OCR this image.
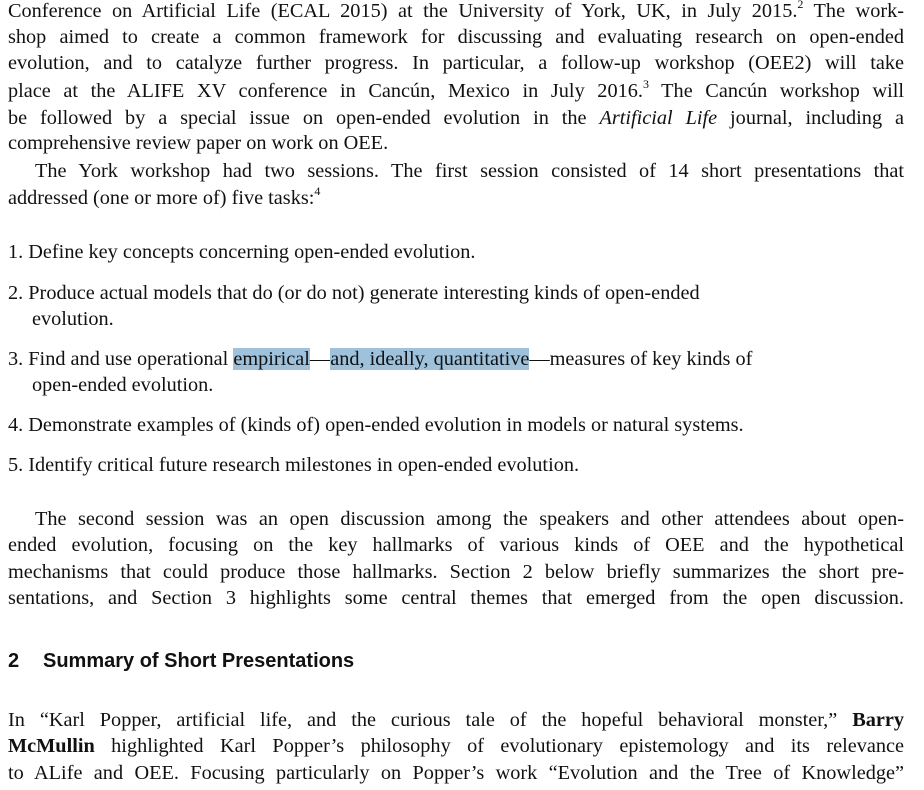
Conference on Artificial Life (ECAL 2015) at the University of York, UK, in July 2015.$^2$ The work-
shop aimed to create a common framework for discussing and evaluating research on open-ended
evolution, and to catalyze further progress. In particular, a follow-up workshop (OEE2) will take
place at the ALIFE XV conference in Cancún, Mexico in July 2016.$^3$ The Cancún workshop will
be followed by a special issue on open-ended evolution in the Artificial Life journal, including a
comprehensive review paper on work on OEE.
The York workshop had two sessions. The first session consisted of 14 short presentations that
addressed (one or more of) five tasks:$^4$
1. Define key concepts concerning open-ended evolution.
2. Produce actual models that do (or do not) generate interesting kinds of open-ended
evolution.
3. Find and use operational empirical—and, ideally, quantitative—measures of key kinds of
open-ended evolution.
4. Demonstrate examples of (kinds of) open-ended evolution in models or natural systems.
5. Identify critical future research milestones in open-ended evolution.
The second session was an open discussion among the speakers and other attendees about open-
ended evolution, focusing on the key hallmarks of various kinds of OEE and the hypothetical
mechanisms that could produce those hallmarks. Section 2 below briefly summarizes the short pre-
sentations, and Section 3 highlights some central themes that emerged from the open discussion.
2 Summary of Short Presentations
In “Karl Popper, artificial life, and the curious tale of the hopeful behavioral monster,” Barry
McMullin highlighted Karl Popper’s philosophy of evolutionary epistemology and its relevance
to ALife and OEE. Focusing particularly on Popper’s work “Evolution and the Tree of Knowledge”
